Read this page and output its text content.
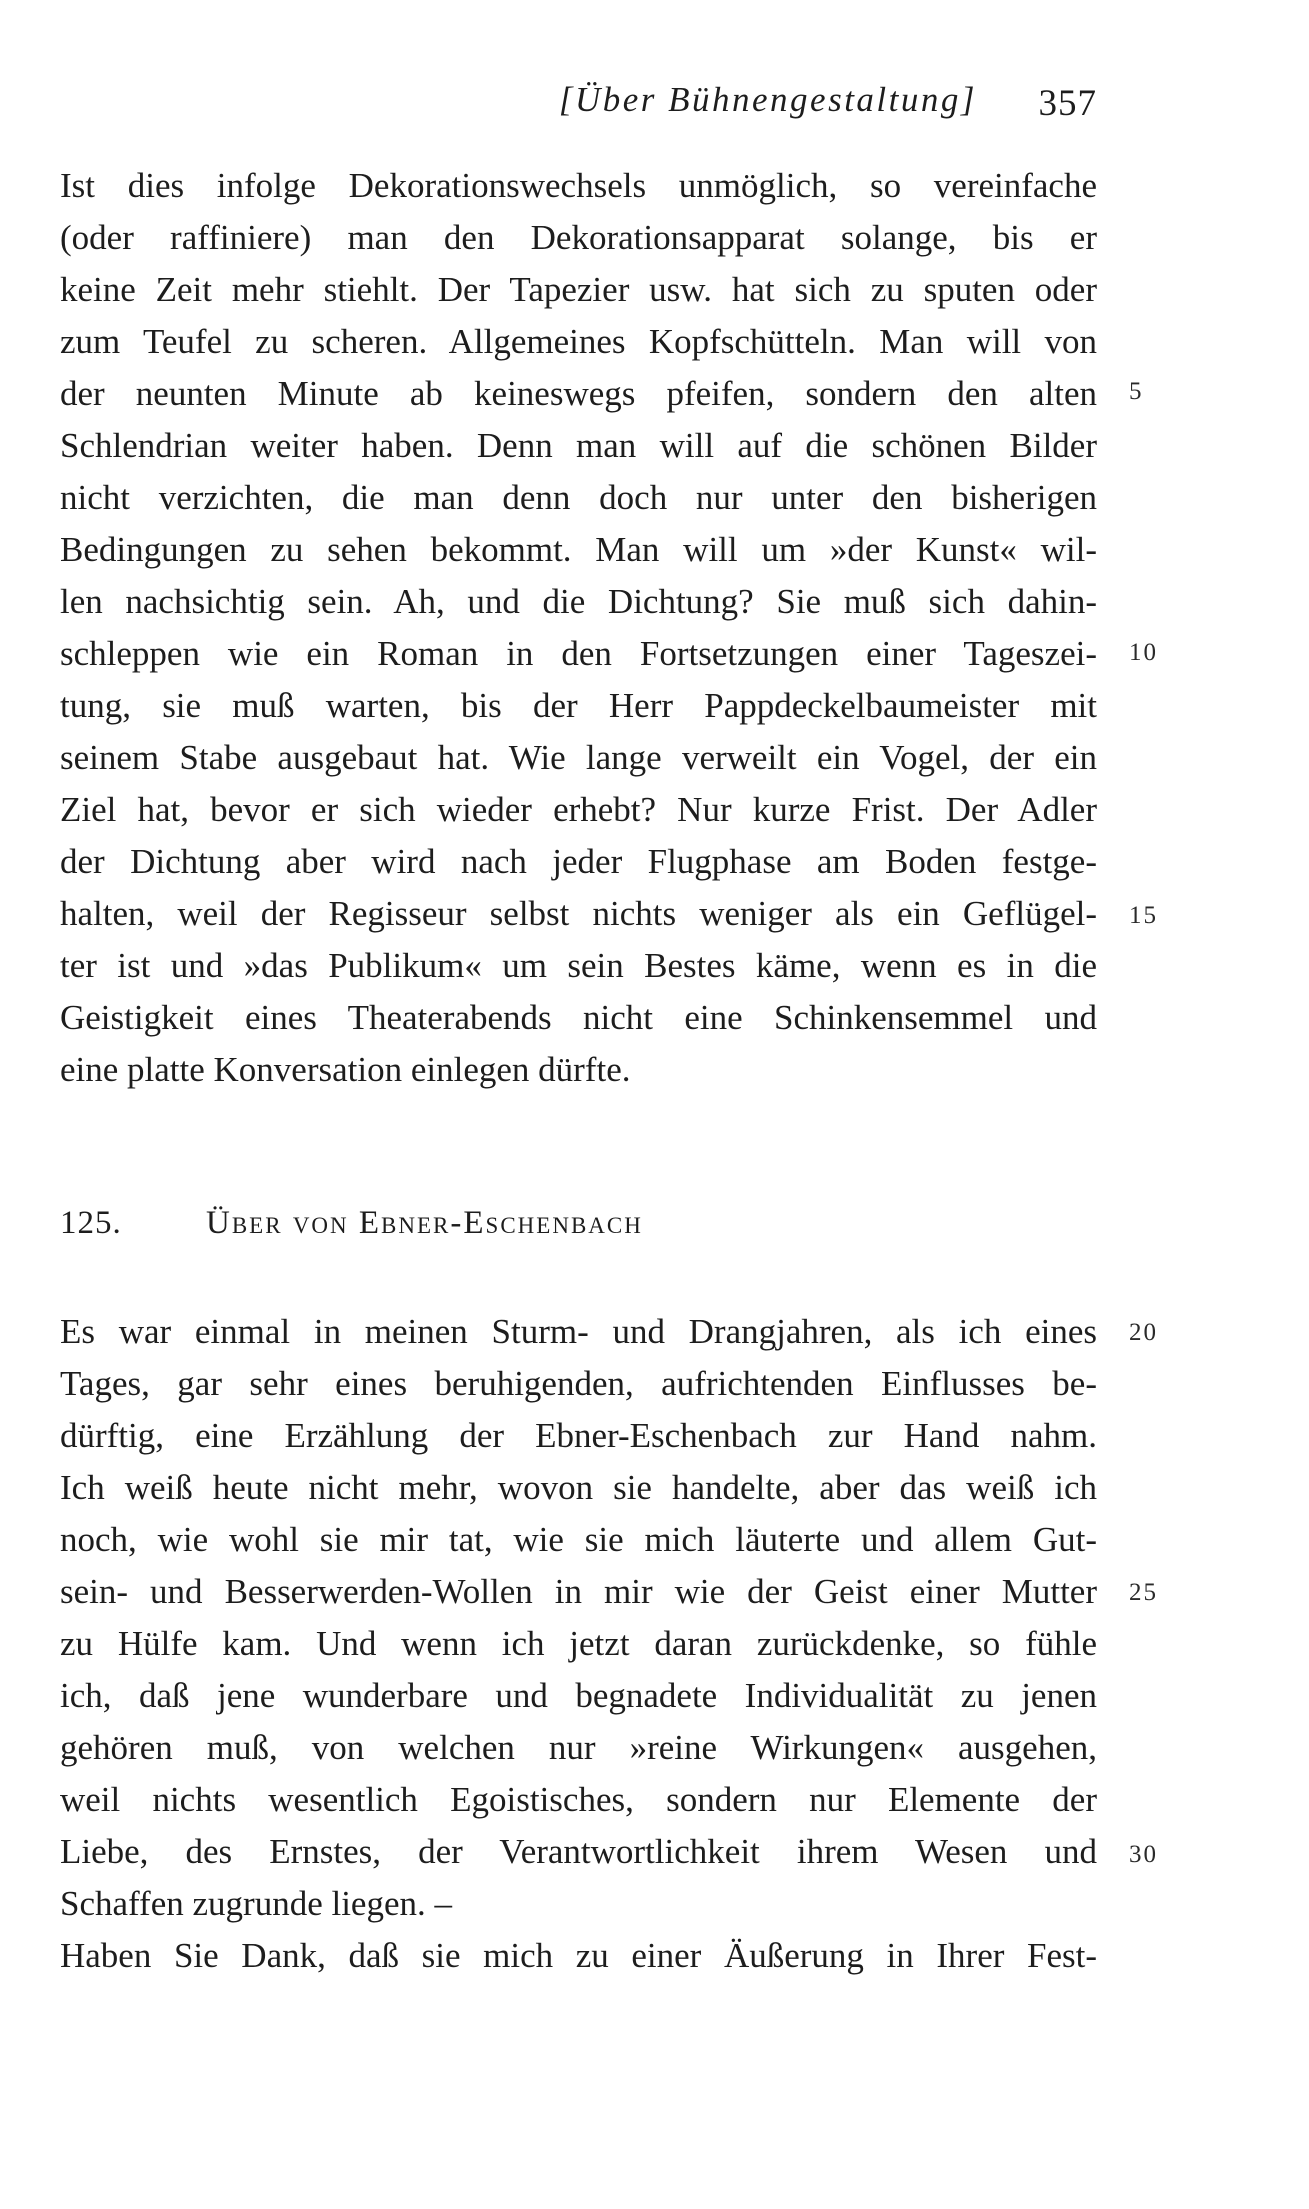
[Über Bühnengestaltung] 357
Ist dies infolge Dekorationswechsels unmöglich, so vereinfache
(oder raffiniere) man den Dekorationsapparat solange, bis er
keine Zeit mehr stiehlt. Der Tapezier usw. hat sich zu sputen oder
zum Teufel zu scheren. Allgemeines Kopfschütteln. Man will von
der neunten Minute ab keineswegs pfeifen, sondern den alten
Schlendrian weiter haben. Denn man will auf die schönen Bilder
nicht verzichten, die man denn doch nur unter den bisherigen
Bedingungen zu sehen bekommt. Man will um »der Kunst« wil-
len nachsichtig sein. Ah, und die Dichtung? Sie muß sich dahin-
schleppen wie ein Roman in den Fortsetzungen einer Tageszei-
tung, sie muß warten, bis der Herr Pappdeckelbaumeister mit
seinem Stabe ausgebaut hat. Wie lange verweilt ein Vogel, der ein
Ziel hat, bevor er sich wieder erhebt? Nur kurze Frist. Der Adler
der Dichtung aber wird nach jeder Flugphase am Boden festge-
halten, weil der Regisseur selbst nichts weniger als ein Geflügel-
ter ist und »das Publikum« um sein Bestes käme, wenn es in die
Geistigkeit eines Theaterabends nicht eine Schinkensemmel und
eine platte Konversation einlegen dürfte.
125.	Über von Ebner-Eschenbach
Es war einmal in meinen Sturm- und Drangjahren, als ich eines
Tages, gar sehr eines beruhigenden, aufrichtenden Einflusses be-
dürftig, eine Erzählung der Ebner-Eschenbach zur Hand nahm.
Ich weiß heute nicht mehr, wovon sie handelte, aber das weiß ich
noch, wie wohl sie mir tat, wie sie mich läuterte und allem Gut-
sein- und Besserwerden-Wollen in mir wie der Geist einer Mutter
zu Hülfe kam. Und wenn ich jetzt daran zurückdenke, so fühle
ich, daß jene wunderbare und begnadete Individualität zu jenen
gehören muß, von welchen nur »reine Wirkungen« ausgehen,
weil nichts wesentlich Egoistisches, sondern nur Elemente der
Liebe, des Ernstes, der Verantwortlichkeit ihrem Wesen und
Schaffen zugrunde liegen. –
Haben Sie Dank, daß sie mich zu einer Äußerung in Ihrer Fest-
5
10
15
20
25
30
